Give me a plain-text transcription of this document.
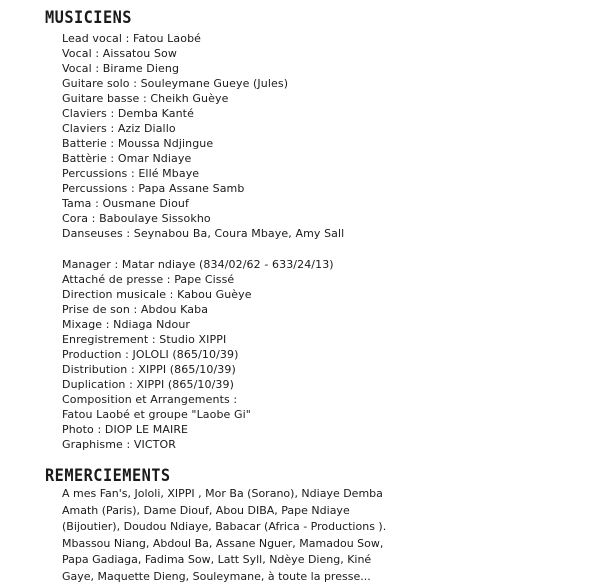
MUSICIENS
Lead vocal : Fatou Laobé
Vocal : Aissatou Sow
Vocal : Birame Dieng
Guitare solo : Souleymane Gueye (Jules)
Guitare basse : Cheikh Guèye
Claviers : Demba Kanté
Claviers : Aziz Diallo
Batterie : Moussa Ndjingue
Battèrie : Omar Ndiaye
Percussions : Ellé Mbaye
Percussions : Papa Assane Samb
Tama : Ousmane Diouf
Cora : Baboulaye Sissokho
Danseuses : Seynabou Ba, Coura Mbaye, Amy Sall
Manager : Matar ndiaye (834/02/62 - 633/24/13)
Attaché de presse : Pape Cissé
Direction musicale : Kabou Guèye
Prise de son : Abdou Kaba
Mixage : Ndiaga Ndour
Enregistrement : Studio XIPPI
Production : JOLOLI (865/10/39)
Distribution : XIPPI (865/10/39)
Duplication : XIPPI (865/10/39)
Composition et Arrangements :
Fatou Laobé et groupe "Laobe Gi"
Photo : DIOP LE MAIRE
Graphisme : VICTOR
REMERCIEMENTS
A mes Fan's, Jololi, XIPPI , Mor Ba (Sorano), Ndiaye Demba
Amath (Paris), Dame Diouf, Abou DIBA, Pape Ndiaye
(Bijoutier), Doudou Ndiaye, Babacar (Africa - Productions ).
Mbassou Niang, Abdoul Ba, Assane Nguer, Mamadou Sow,
Papa Gadiaga, Fadima Sow, Latt Syll, Ndèye Dieng, Kiné
Gaye, Maquette Dieng, Souleymane, à toute la presse...
